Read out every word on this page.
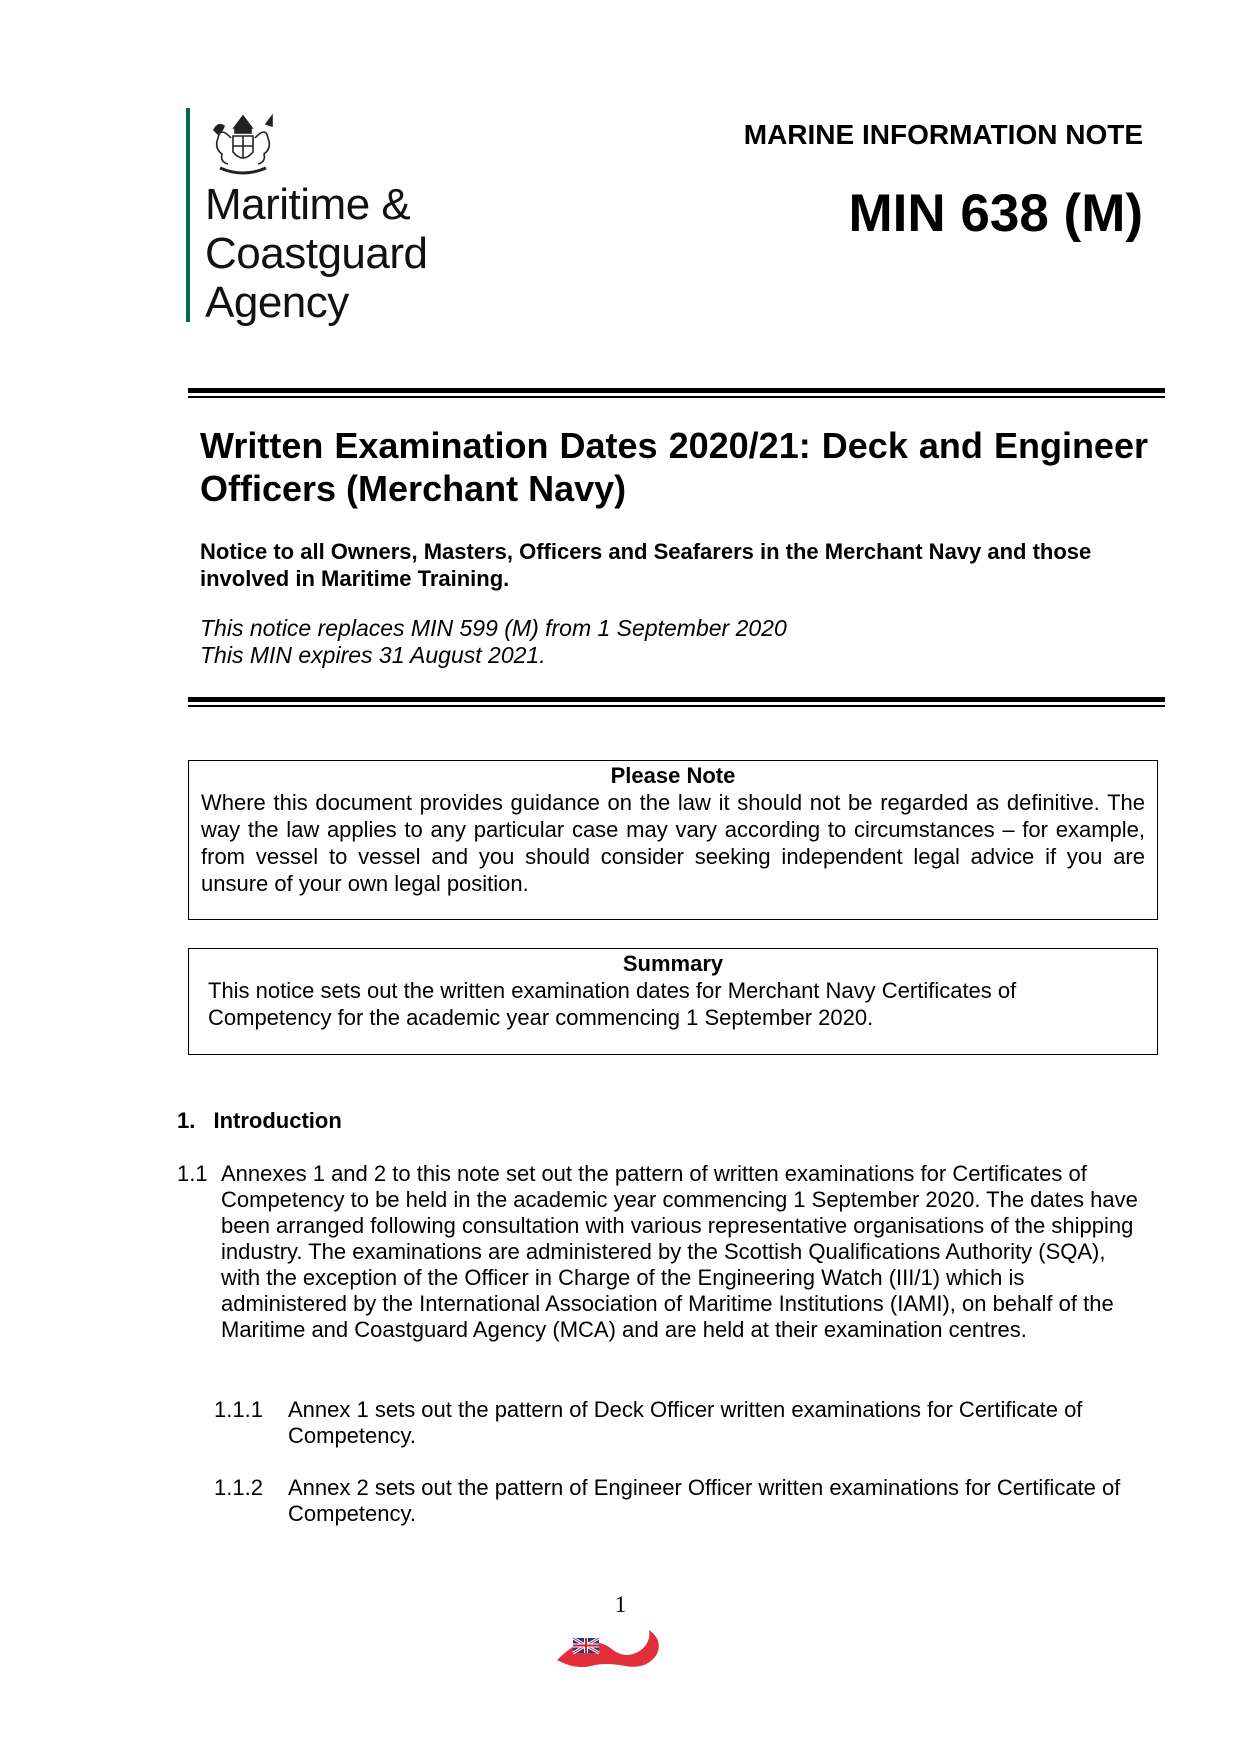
Maritime &
Coastguard
Agency
MARINE INFORMATION NOTE
MIN 638 (M)
Written Examination Dates 2020/21: Deck and Engineer Officers (Merchant Navy)
Notice to all Owners, Masters, Officers and Seafarers in the Merchant Navy and those involved in Maritime Training.
This notice replaces MIN 599 (M) from 1 September 2020
This MIN expires 31 August 2021.
Please Note
Where this document provides guidance on the law it should not be regarded as definitive. The way the law applies to any particular case may vary according to circumstances – for example, from vessel to vessel and you should consider seeking independent legal advice if you are unsure of your own legal position.
Summary
This notice sets out the written examination dates for Merchant Navy Certificates of Competency for the academic year commencing 1 September 2020.
1. Introduction
1.1 Annexes 1 and 2 to this note set out the pattern of written examinations for Certificates of Competency to be held in the academic year commencing 1 September 2020. The dates have been arranged following consultation with various representative organisations of the shipping industry. The examinations are administered by the Scottish Qualifications Authority (SQA), with the exception of the Officer in Charge of the Engineering Watch (III/1) which is administered by the International Association of Maritime Institutions (IAMI), on behalf of the Maritime and Coastguard Agency (MCA) and are held at their examination centres.
1.1.1 Annex 1 sets out the pattern of Deck Officer written examinations for Certificate of Competency.
1.1.2 Annex 2 sets out the pattern of Engineer Officer written examinations for Certificate of Competency.
1
